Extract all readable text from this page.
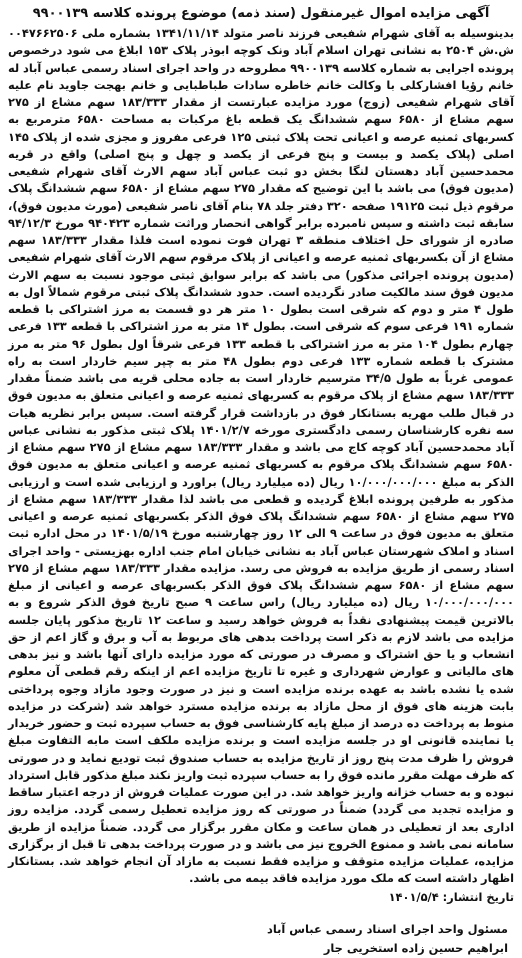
آگهی مزایده اموال غیرمنقول (سند ذمه) موضوع پرونده کلاسه ۹۹۰۰۱۳۹

بدینوسیله به آقای شهرام شفیعی فرزند ناصر متولد ۱۳۴۱/۱۱/۱۴ بشماره ملی ۰۰۴۷۶۶۲۵۰۶ ش.ش ۲۵۰۴ به نشانی تهران اسلام آباد ونک کوچه ابوذر پلاک ۱۵۳ ابلاغ می شود درخصوص پرونده اجرایی به شماره کلاسه ۹۹۰۰۱۳۹ مطروحه در واحد اجرای اسناد رسمی عباس آباد له خانم رؤیا افشارکلی با وکالت خانم خاطره سادات طباطبایی و خانم بهجت جاوید نام علیه آقای شهرام شفیعی (زوج) مورد مزایده عبارتست از مقدار ۱۸۳/۳۳۳ سهم مشاع از ۲۷۵ سهم مشاع از ۶۵۸۰ سهم ششدانگ یک قطعه باغ مرکبات به مساحت ۶۵۸۰ مترمربع به کسربهای ثمنیه عرصه و اعیانی تحت پلاک ثبتی ۱۲۵ فرعی مفروز و مجزی شده از پلاک ۱۴۵ اصلی (پلاک یکصد و بیست و پنج فرعی از یکصد و چهل و پنج اصلی) واقع در قریه محمدحسین آباد دهستان لنگا بخش دو ثبت عباس آباد سهم الارث آقای شهرام شفیعی (مدیون فوق) می باشد با این توضیح که مقدار ۲۷۵ سهم مشاع از ۶۵۸۰ سهم ششدانگ پلاک مرقوم ذیل ثبت ۱۹۱۲۵ صفحه ۳۲۰ دفتر جلد ۷۸ بنام آقای ناصر شفیعی (مورث مدیون فوق)، سابقه ثبت داشته و سپس نامبرده برابر گواهی انحصار وراثت شماره ۹۴۰۴۲۳ مورخ ۹۴/۱۲/۳ صادره از شورای حل اختلاف منطقه ۳ تهران فوت نموده است فلذا مقدار ۱۸۳/۳۳۳ سهم مشاع از آن بکسربهای ثمنیه عرصه و اعیانی از پلاک مرقوم سهم الارث آقای شهرام شفیعی (مدیون پرونده اجرائی مذکور) می باشد که برابر سوابق ثبتی موجود نسبت به سهم الارث مدیون فوق سند مالکیت صادر نگردیده است. حدود ششدانگ پلاک ثبتی مرقوم شمالاً اول به طول ۴ متر و دوم که شرقی است بطول ۱۰ متر هر دو قسمت به مرز اشتراکی با قطعه شماره ۱۹۱ فرعی سوم که شرقی است. بطول ۱۴ متر به مرز اشتراکی با قطعه ۱۳۳ فرعی چهارم بطول ۱۰۴ متر به مرز اشتراکی با قطعه ۱۳۳ فرعی شرقاً اول بطول ۹۶ متر به مرز مشترک با قطعه شماره ۱۳۳ فرعی دوم بطول ۴۸ متر به چپر سیم خاردار است به راه عمومی غرباً به طول ۳۴/۵ مترسیم خاردار است به جاده محلی قریه می باشد ضمناً مقدار ۱۸۳/۳۳۳ سهم مشاع از پلاک مرقوم به کسربهای ثمنیه عرصه و اعیانی متعلق به مدیون فوق در قبال طلب مهریه بستانکار فوق در بازداشت قرار گرفته است. سپس برابر نظریه هیات سه نفره کارشناسان رسمی دادگستری مورخه ۱۴۰۱/۲/۷ پلاک ثبتی مذکور به نشانی عباس آباد محمدحسین آباد کوچه کاج می باشد و مقدار ۱۸۳/۳۳۳ سهم مشاع از ۲۷۵ سهم مشاع از ۶۵۸۰ سهم ششدانگ پلاک مرقوم به کسربهای ثمنیه عرصه و اعیانی متعلق به مدیون فوق الذکر به مبلغ ۱۰/۰۰۰/۰۰۰/۰۰۰ ریال (ده میلیارد ریال) براورد و ارزیابی شده است و ارزیابی مذکور به طرفین پرونده ابلاغ گردیده و قطعی می باشد لذا مقدار ۱۸۳/۳۳۳ سهم مشاع از ۲۷۵ سهم مشاع از ۶۵۸۰ سهم ششدانگ پلاک فوق الذکر بکسربهای ثمنیه عرصه و اعیانی متعلق به مدیون فوق در ساعت ۹ الی ۱۲ روز چهارشنبه مورخ ۱۴۰۱/۵/۱۹ در محل اداره ثبت اسناد و املاک شهرستان عباس آباد به نشانی خیابان امام جنب اداره بهزیستی - واحد اجرای اسناد رسمی از طریق مزایده به فروش می رسد. مزایده مقدار ۱۸۳/۳۳۳ سهم مشاع از ۲۷۵ سهم مشاع از ۶۵۸۰ سهم ششدانگ پلاک فوق الذکر بکسربهای عرصه و اعیانی از مبلغ ۱۰/۰۰۰/۰۰۰/۰۰۰ ریال (ده میلیارد ریال) راس ساعت ۹ صبح تاریخ فوق الذکر شروع و به بالاترین قیمت پیشنهادی نقداً به فروش خواهد رسید و ساعت ۱۲ تاریخ مذکور پایان جلسه مزایده می باشد لازم به ذکر است پرداخت بدهی های مربوط به آب و برق و گاز اعم از حق انشعاب و یا حق اشتراک و مصرف در صورتی که مورد مزایده دارای آنها باشد و نیز بدهی های مالیاتی و عوارض شهرداری و غیره تا تاریخ مزایده اعم از اینکه رقم قطعی آن معلوم شده یا نشده باشد به عهده برنده مزایده است و نیز در صورت وجود مازاد وجوه پرداختی بابت هزینه های فوق از محل مازاد به برنده مزایده مسترد خواهد شد (شرکت در مزایده منوط به پرداخت ده درصد از مبلغ پایه کارشناسی فوق به حساب سپرده ثبت و حضور خریدار یا نماینده قانونی او در جلسه مزایده است و برنده مزایده ملکف است مابه التفاوت مبلغ فروش را ظرف مدت پنج روز از تاریخ مزایده به حساب صندوق ثبت تودیع نماید و در صورتی که ظرف مهلت مقرر مانده فوق را به حساب سپرده ثبت واریز نکند مبلغ مذکور قابل استرداد نبوده و به حساب خزانه واریز خواهد شد. در این صورت عملیات فروش از درجه اعتبار ساقط و مزایده تجدید می گردد) ضمناً در صورتی که روز مزایده تعطیل رسمی گردد. مزایده روز اداری بعد از تعطیلی در همان ساعت و مکان مقرر برگزار می گردد. ضمناً مزایده از طریق سامانه نمی باشد و ممنوع الخروج نیز می باشد و در صورت پرداخت بدهی تا قبل از برگزاری مزایده، عملیات مزایده متوقف و مزایده فقط نسبت به مازاد آن انجام خواهد شد. بستانکار اظهار داشته است که ملک مورد مزایده فاقد بیمه می باشد.

تاریخ انتشار: ۱۴۰۱/۵/۴
مسئول واحد اجرای اسناد رسمی عباس آباد
ابراهیم حسین زاده استخریی جار
